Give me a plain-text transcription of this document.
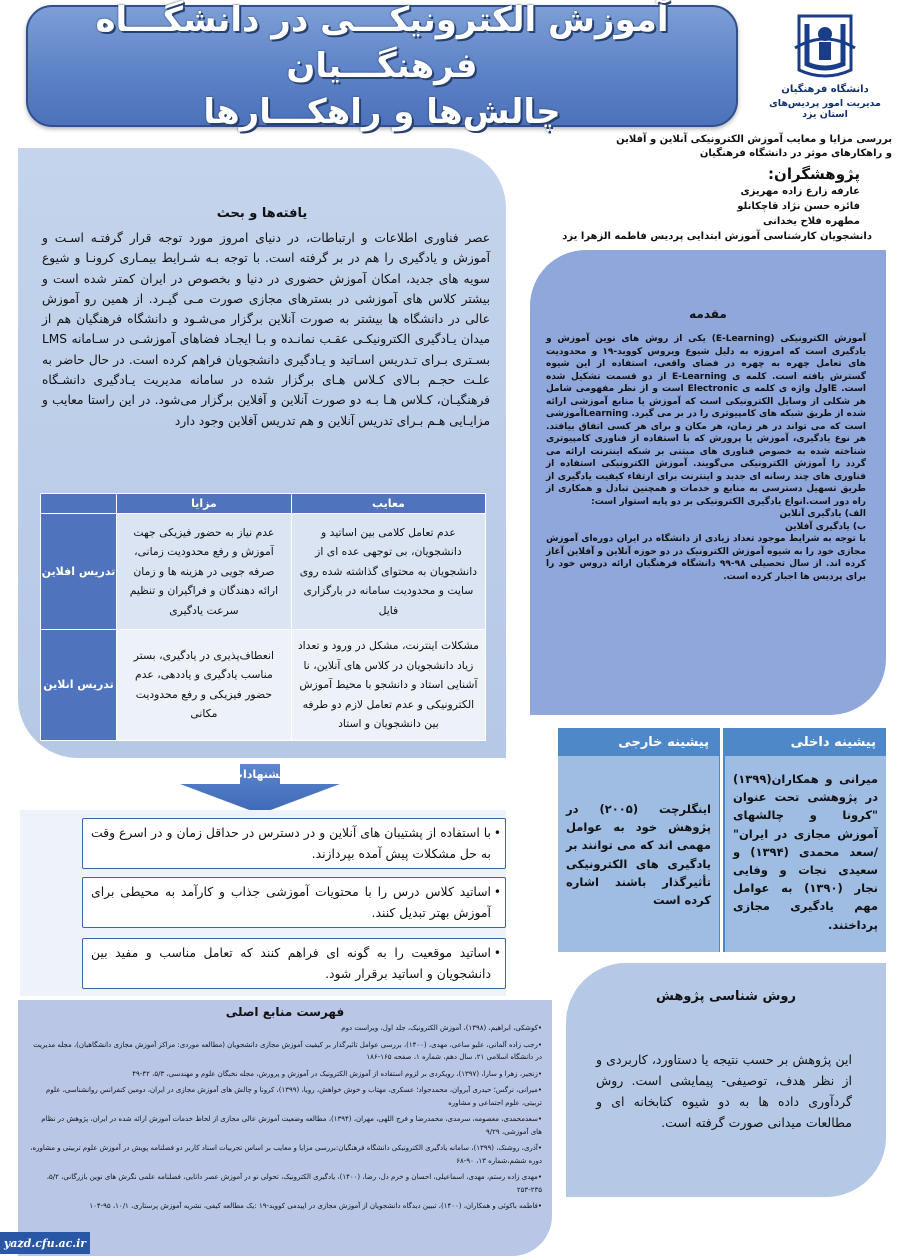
آموزش الکترونیکـــی در دانشگـــاه فرهنگـــیان
چالش‌ها و راهکـــارها
دانشگاه فرهنگیان
مدیریت امور پردیس‌های استان یزد
بررسی مزایا و معایب آموزش الکترونیکی آنلاین و آفلاین
و راهکارهای موثر در دانشگاه فرهنگیان
پژوهشگران:
عارفه زارع زاده مهریزی
فائزه حسن نژاد قاچکانلو
مطهره فلاح یخدانی
دانشجویان کارشناسی آموزش ابتدایی پردیس فاطمه الزهرا یزد
یافته‌ها و بحث
عصر فناوری اطلاعات و ارتباطات، در دنیای امروز مورد توجه قرار گرفتـه اسـت و آموزش و یادگیری را هم در بر گرفته است. با توجه بـه شـرایط بیمـاری کرونـا و شیوع سویه های جدید، امکان آموزش حضوری در دنیا و بخصوص در ایران کمتر شده است و بیشتر کلاس های آموزشی در بسترهای مجازی صورت مـی گیـرد. از همین رو آموزش عالی در دانشگاه ها بیشتر به صورت آنلاین برگزار می‌شـود و دانشگاه فرهنگیان هم از میدان یـادگیری الکترونیکـی عقـب نمانـده و بـا ایجـاد فضاهای آموزشـی در سـامانه LMS بسـتری بـرای تـدریس اسـاتید و یـادگیری دانشجویان فراهم کرده است. در حال حاضر به علـت حجـم بـالای کـلاس هـای برگزار شده در سامانه مدیریت یـادگیری دانشـگاه فرهنگیـان، کـلاس هـا بـه دو صورت آنلاین و آفلاین برگزار می‌شود. در این راستا معایب و مزایـایی هـم بـرای تدریس آنلاین و هم تدریس آفلاین وجود دارد
معایب	مزایا	
عدم تعامل کلامی بین اساتید و دانشجویان، بی توجهی عده ای از دانشجویان به محتوای گذاشته شده روی سایت و محدودیت سامانه در بارگزاری فایل	عدم نیاز به حضور فیزیکی جهت آموزش و رفع محدودیت زمانی، صرفه جویی در هزینه ها و زمان ارائه دهندگان و فراگیران و تنظیم سرعت یادگیری	تدریس افلاین
مشکلات اینترنت، مشکل در ورود و تعداد زیاد دانشجویان در کلاس های آنلاین، نا آشنایی استاد و دانشجو با محیط آموزش الکترونیکی و عدم تعامل لازم دو طرفه بین دانشجویان و استاد	انعطاف‌پذیری در یادگیری، بستر مناسب یادگیری و یاددهی، عدم حضور فیزیکی و رفع محدودیت مکانی	تدریس انلاین
مقدمه
آموزش الکترونیکی (E-Learning) یکی از روش های نوین آموزش و یادگیری است که امروزه به دلیل شیوع ویروس کووید-۱۹ و محدودیت های تعامل چهره به چهره در فضای واقعی، استفاده از این شیوه گسترش یافته است. کلمه ی E-Learning از دو قسمت تشکیل شده است. Eاول واژه ی کلمه ی Electronic است و از نظر مفهومی شامل هر شکلی از وسایل الکترونیکی است که آموزش یا منابع آموزشی ارائه شده از طریق شبکه های کامپیوتری را در بر می گیرد. Learningآموزشی است که می تواند در هر زمان، هر مکان و برای هر کسی اتفاق بیافتد. هر نوع یادگیری، آموزش یا پرورش که با استفاده از فناوری کامپیوتری شناخته شده به خصوص فناوری های مبتنی بر شبکه اینترنت ارائه می گردد را آموزش الکترونیکی می‌گویند. آموزش الکترونیکی استفاده از فناوری های چند رسانه ای جدید و اینترنت برای ارتقاء کیفیت یادگیری از طریق تسهیل دسترسی به منابع و خدمات و همچنین تبادل و همکاری از راه دور است.انواع یادگیری الکترونیکی بر دو پایه استوار است:
الف) یادگیری آنلاین
ب) یادگیری آفلاین
با توجه به شرایط موجود تعداد زیادی از دانشگاه در ایران دوره‌ای آموزش مجازی خود را به شیوه آموزش الکترونیک در دو حوزه آنلاین و آفلاین آغاز کرده اند. از سال تحصیلی ۹۸-۹۹ دانشگاه فرهنگیان ارائه دروس خود را برای پردیس ها اجبار کرده است.
پیشینه داخلی
میرانی و همکاران(۱۳۹۹) در پژوهشی تحت عنوان "کرونا و چالشهای آموزش مجازی در ایران" /سعد محمدی (۱۳۹۴) و سعیدی نجات و وفایی نجار (۱۳۹۰) به عوامل مهم یادگیری مجازی پرداختند.
پیشینه خارجی
اینگلرچت (۲۰۰۵) در پژوهش خود به عوامل مهمی اند که می توانند بر یادگیری های الکترونیکی تأثیرگذار باشند اشاره کرده است
روش شناسی پژوهش
این پژوهش بر حسب نتیجه یا دستاورد، کاربردی و از نظر هدف، توصیفی- پیمایشی است. روش گردآوری داده ها به دو شیوه کتابخانه ای و مطالعات میدانی صورت گرفته است.
پیشنهادات
•
با استفاده از پشتیبان های آنلاین و در دسترس در حداقل زمان و در اسرع وقت به حل مشکلات پیش آمده بپردازند.
•
اساتید کلاس درس را با محتویات آموزشی جذاب و کارآمد به محیطی برای آموزش بهتر تبدیل کنند.
•
اساتید موقعیت را به گونه ای فراهم کنند که تعامل مناسب و مفید بین دانشجویان و اساتید برقرار شود.
فهرست منابع اصلی
•کوشکی، ابراهیم، (۱۳۹۸)، آموزش الکترونیک، جلد اول، ویراست دوم
•رجب زاده آلمانی، علیو ساعی، مهدی، (۱۴۰۰)، بررسی عوامل تاثیرگذار بر کیفیت آموزش مجازی دانشجویان (مطالعه موردی: مراکز آموزش مجازی دانشگاهیان)، مجله مدیریت در دانشگاه اسلامی ۲۱، سال دهم، شماره ۱، صفحه ۱۶۵-۱۸۶
•زنجیر، زهرا و سارا، (۱۳۹۷)، رویکردی بر لزوم استفاده از آموزش الکترونیک در آموزش و پرورش، مجله نخبگان علوم و مهندسی، ۵/۳، ۴۲-۴۹
•میرانی، نرگس؛ حیدری آبروان، محمدجواد؛ عسکری، مهتاب و خوش خواهش، رویا، (۱۳۹۹)، کرونا و چالش های آموزش مجازی در ایران، دومین کنفرانس روانشناسی، علوم تربیتی، علوم اجتماعی و مشاوره
•سعدمحمدی، معصومه، سرمدی، محمدرضا و فرج اللهی، مهران، (۱۳۹۴)، مطالعه وضعیت آموزش عالی مجازی از لحاظ خدمات آموزش ارائه شده در ایران، پژوهش در نظام های آموزشی، ۹/۲۹
•آذری، روشنک، (۱۳۹۹)، سامانه یادگیری الکترونیکی دانشگاه فرهنگیان:بررسی مزایا و معایب بر اساس تجربیات اسناد کاربر دو فصلنامه پویش در آموزش علوم تربیتی و مشاوره، دوره ششم،شماره ۱۳، ۹۰-۶۸
•مهدی زاده رستم، مهدی، اسماعیلی، احسان و خرم دل، رضا، (۱۴۰۰)، یادگیری الکترونیک، تحولی نو در آموزش عصر دانایی، فصلنامه علمی نگرش های نوین بازرگانی، ۵/۲، ۲۳۵-۲۵۳
•فاطمه باکوئی و همکاران، (۱۴۰۰)، تبیین دیدگاه دانشجویان از آموزش مجازی در اپیدمی کووید-۱۹ :یک مطالعه کیفی، نشریه آموزش پرستاری، ۱۰/۱، ۹۵-۱۰۴
yazd.cfu.ac.ir
